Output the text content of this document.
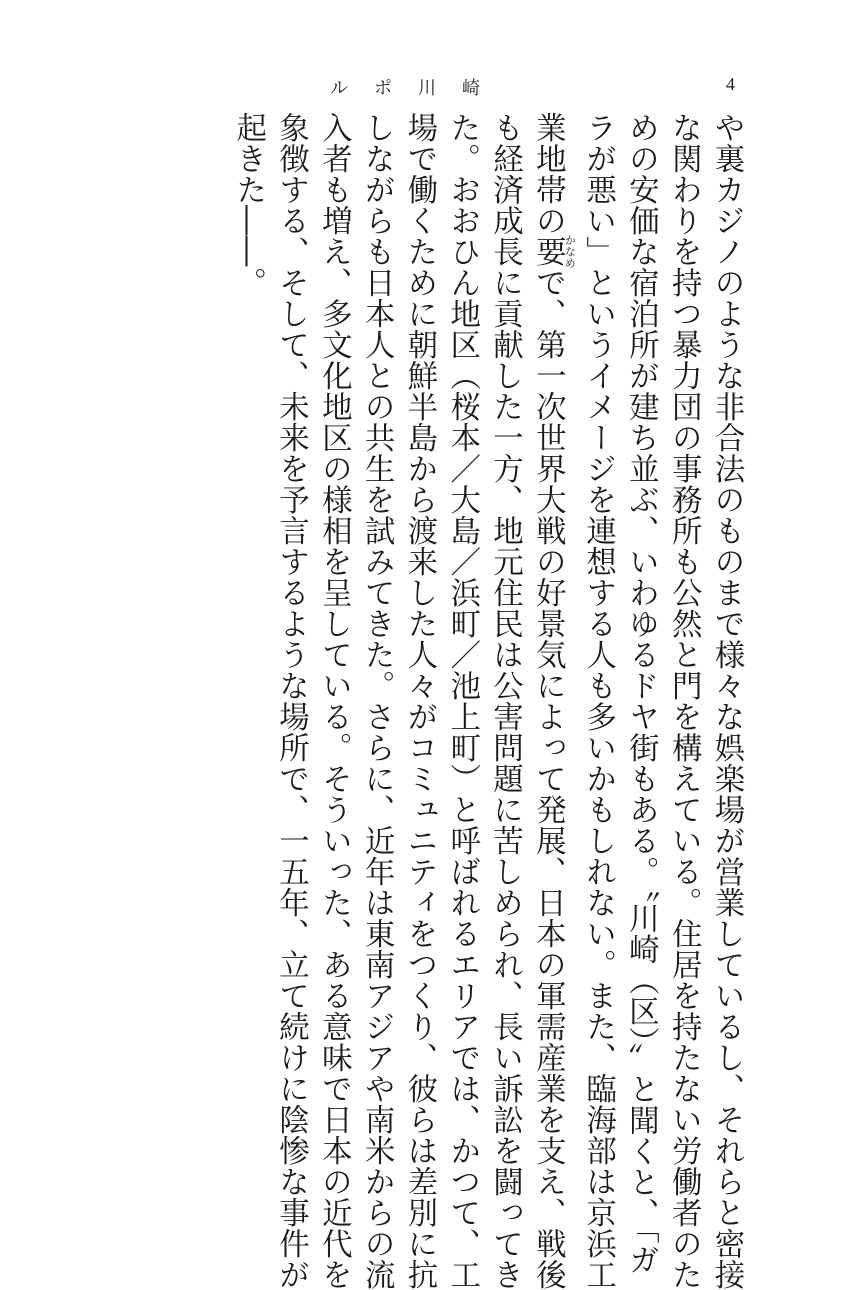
ルポ川崎	4
や裏カジノのような非合法のものまで様々な娯楽場が営業しているし、それらと密接
な関わりを持つ暴力団の事務所も公然と門を構えている。住居を持たない労働者のた
めの安価な宿泊所が建ち並ぶ、いわゆるドヤ街もある。〝川崎（区）〟と聞くと、「ガ
ラが悪い」というイメージを連想する人も多いかもしれない。また、臨海部は京浜工
業地帯の要かなめで、第一次世界大戦の好景気によって発展、日本の軍需産業を支え、戦後
も経済成長に貢献した一方、地元住民は公害問題に苦しめられ、長い訴訟を闘ってき
た。おおひん地区（桜本／大島／浜町／池上町）と呼ばれるエリアでは、かつて、工
場で働くために朝鮮半島から渡来した人々がコミュニティをつくり、彼らは差別に抗
しながらも日本人との共生を試みてきた。さらに、近年は東南アジアや南米からの流
入者も増え、多文化地区の様相を呈している。そういった、ある意味で日本の近代を
象徴する、そして、未来を予言するような場所で、一五年、立て続けに陰惨な事件が
起きた――。
